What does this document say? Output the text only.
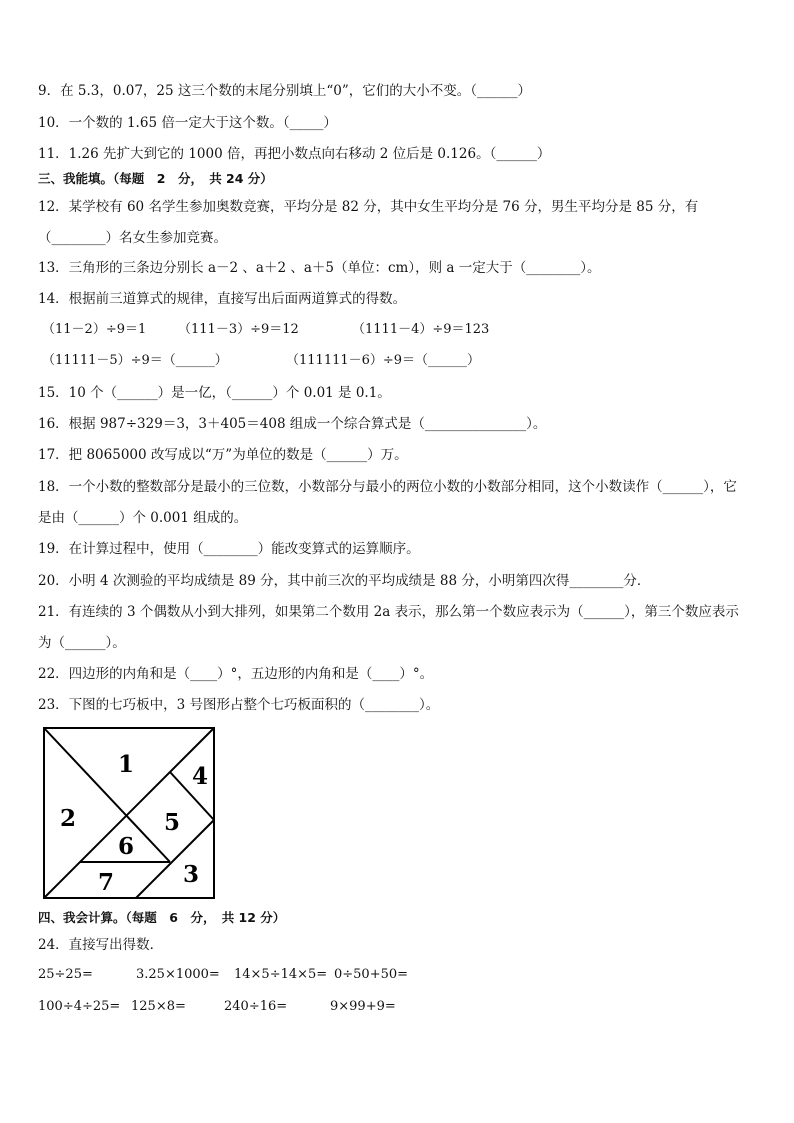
9．在 5.3，0.07，25 这三个数的末尾分别填上“0”，它们的大小不变。（______）
10．一个数的 1.65 倍一定大于这个数。（_____）
11．1.26 先扩大到它的 1000 倍，再把小数点向右移动 2 位后是 0.126。（______）
三、我能填。（每题　2　分，　共 24 分）
12．某学校有 60 名学生参加奥数竞赛，平均分是 82 分，其中女生平均分是 76 分，男生平均分是 85 分，有
（________）名女生参加竞赛。
13．三角形的三条边分别长 a－2 、a＋2 、a＋5（单位：cm），则 a 一定大于（________）。
14．根据前三道算式的规律，直接写出后面两道算式的得数。
（11－2）÷9＝1 （111－3）÷9＝12	（1111－4）÷9＝123
（11111－5）÷9＝（______）	（111111－6）÷9＝（______）
15．10 个（______）是一亿，（______）个 0.01 是 0.1。
16．根据 987÷329＝3，3＋405＝408 组成一个综合算式是（_______________）。
17．把 8065000 改写成以“万”为单位的数是（______）万。
18．一个小数的整数部分是最小的三位数，小数部分与最小的两位小数的小数部分相同，这个小数读作（______），它
是由（______）个 0.001 组成的。
19．在计算过程中，使用（________）能改变算式的运算顺序。
20．小明 4 次测验的平均成绩是 89 分，其中前三次的平均成绩是 88 分，小明第四次得________分．
21．有连续的 3 个偶数从小到大排列，如果第二个数用 2a 表示，那么第一个数应表示为（______），第三个数应表示
为（______）。
22．四边形的内角和是（____）°，五边形的内角和是（____）°。
23．下图的七巧板中，3 号图形占整个七巧板面积的（________）。
1
2
3
4
5
6
7
四、我会计算。（每题　6　分，　共 12 分）
24．直接写出得数．
25÷25=	3.25×1000= 14×5÷14×5= 0÷50+50=
100÷4÷25= 125×8=	240÷16=	9×99+9=
